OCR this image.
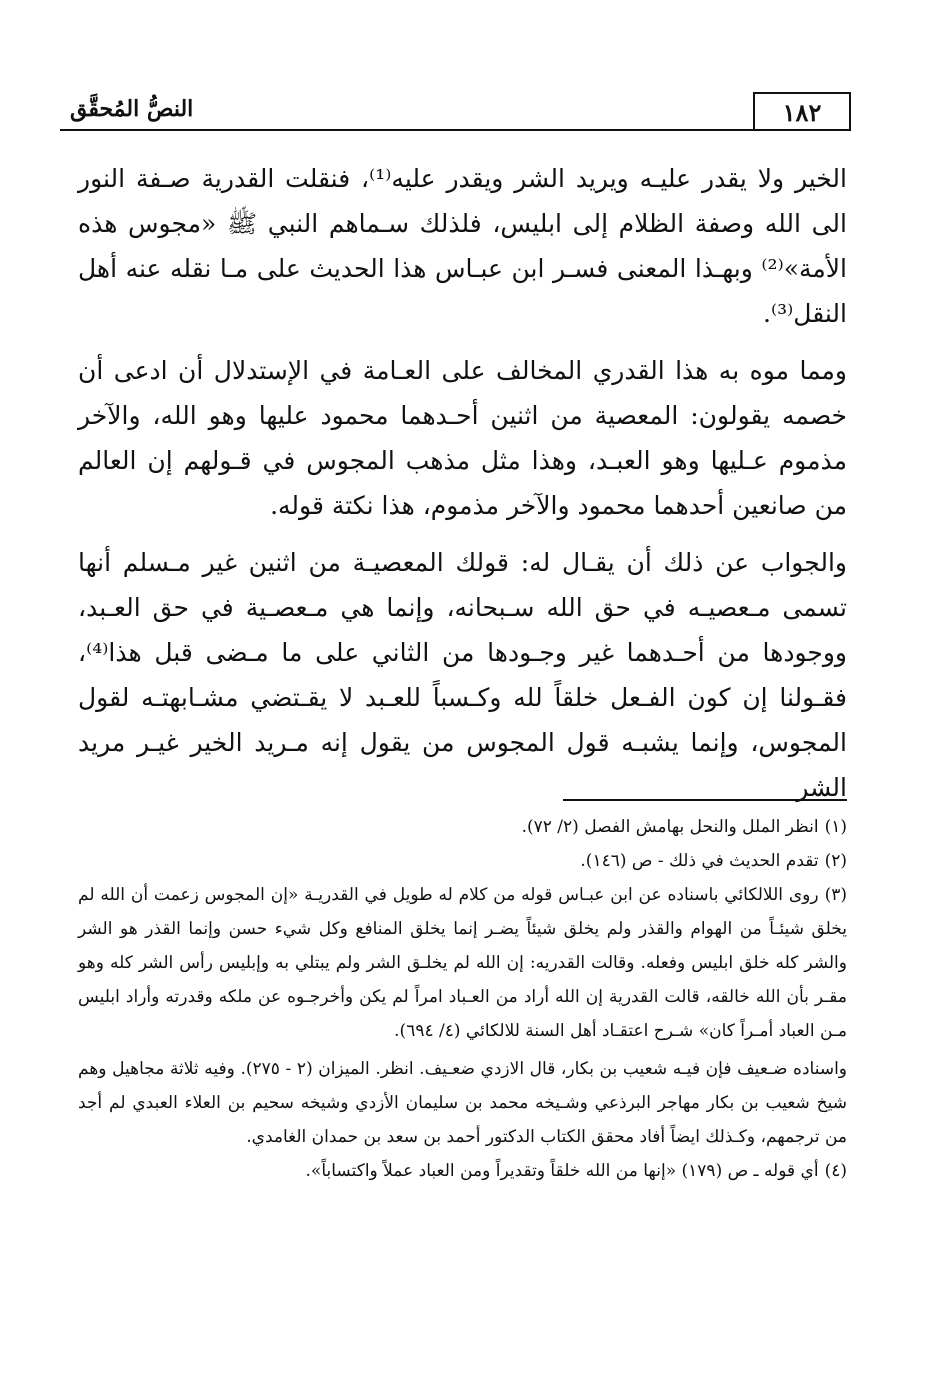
١٨٢
النصُّ المُحقَّق

الخير ولا يقدر عليـه ويريد الشر ويقدر عليه⁽¹⁾، فنقلت القدرية صـفة النور الى الله وصفة الظلام إلى ابليس، فلذلك سـماهم النبي ﷺ «مجوس هذه الأمة»⁽²⁾ وبهـذا المعنى فسـر ابن عبـاس هذا الحديث على مـا نقله عنه أهل النقل⁽³⁾.

ومما موه به هذا القدري المخالف على العـامة في الإستدلال أن ادعى أن خصمه يقولون: المعصية من اثنين أحـدهما محمود عليها وهو الله، والآخر مذموم عـليها وهو العبـد، وهذا مثل مذهب المجوس في قـولهم إن العالم من صانعين أحدهما محمود والآخر مذموم، هذا نكتة قوله.

والجواب عن ذلك أن يقـال له: قولك المعصيـة من اثنين غير مـسلم أنها تسمى مـعصيـه في حق الله سـبحانه، وإنما هي مـعصـية في حق العـبد، ووجودها من أحـدهما غير وجـودها من الثاني على ما مـضى قبل هذا⁽⁴⁾، فقـولنا إن كون الفـعل خلقاً لله وكـسباً للعـبد لا يقـتضي مشـابهتـه لقول المجوس، وإنما يشبـه قول المجوس من يقول إنه مـريد الخير غيـر مريد الشر

(١)انظر الملل والنحل بهامش الفصل (٢/ ٧٢).

(٢)تقدم الحديث في ذلك - ص (١٤٦).

(٣)روى اللالكائي باسناده عن ابن عبـاس قوله من كلام له طويل في القدريـة «إن المجوس زعمت أن الله لم يخلق شيئـاً من الهوام والقذر ولم يخلق شيئاً يضـر إنما يخلق المنافع وكل شيء حسن وإنما القذر هو الشر والشر كله خلق ابليس وفعله. وقالت القدريه: إن الله لم يخلـق الشر ولم يبتلي به وإبليس رأس الشر كله وهو مقـر بأن الله خالقه، قالت القدرية إن الله أراد من العـباد امراً لم يكن وأخرجـوه عن ملكه وقدرته وأراد ابليس مـن العباد أمـراً كان» شـرح اعتقـاد أهل السنة للالكائي (٤/ ٦٩٤).

واسناده ضـعيف فإن فيـه شعيب بن بكار، قال الازدي ضعـيف. انظر. الميزان (٢ - ٢٧٥). وفيه ثلاثة مجاهيل وهم شيخ شعيب بن بكار مهاجر البرذعي وشـيخه محمد بن سليمان الأزدي وشيخه سحيم بن العلاء العبدي لم أجد من ترجمهم، وكـذلك ايضاً أفاد محقق الكتاب الدكتور أحمد بن سعد بن حمدان الغامدي.

(٤)أي قوله ـ ص (١٧٩) «إنها من الله خلقاً وتقديراً ومن العباد عملاً واكتساباً».
